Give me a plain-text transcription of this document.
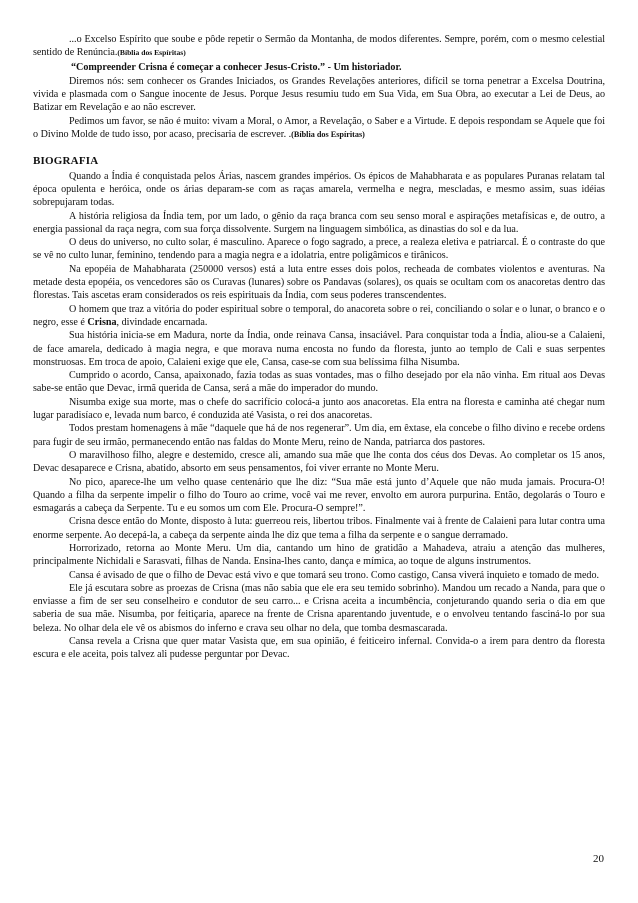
...o Excelso Espírito que soube e pôde repetir o Sermão da Montanha, de modos diferentes. Sempre, porém, com o mesmo celestial sentido de Renúncia.(Bíblia dos Espíritas)

“Compreender Crisna é começar a conhecer Jesus-Cristo.” - Um historiador.

Diremos nós: sem conhecer os Grandes Iniciados, os Grandes Revelações anteriores, difícil se torna penetrar a Excelsa Doutrina, vivida e plasmada com o Sangue inocente de Jesus. Porque Jesus resumiu tudo em Sua Vida, em Sua Obra, ao executar a Lei de Deus, ao Batizar em Revelação e ao não escrever.

Pedimos um favor, se não é muito: vivam a Moral, o Amor, a Revelação, o Saber e a Virtude. E depois respondam se Aquele que foi o Divino Molde de tudo isso, por acaso, precisaria de escrever. .(Bíblia dos Espíritas)

BIOGRAFIA

Quando a Índia é conquistada pelos Árias, nascem grandes impérios. Os épicos de Mahabharata e as populares Puranas relatam tal época opulenta e heróica, onde os árias deparam-se com as raças amarela, vermelha e negra, mescladas, e mesmo assim, suas idéias sobrepujaram todas.

A história religiosa da Índia tem, por um lado, o gênio da raça branca com seu senso moral e aspirações metafísicas e, de outro, a energia passional da raça negra, com sua força dissolvente. Surgem na linguagem simbólica, as dinastias do sol e da lua.

O deus do universo, no culto solar, é masculino. Aparece o fogo sagrado, a prece, a realeza eletiva e patriarcal. É o contraste do que se vê no culto lunar, feminino, tendendo para a magia negra e a idolatria, entre poligâmicos e tirânicos.

Na epopéia de Mahabharata (250000 versos) está a luta entre esses dois polos, recheada de combates violentos e aventuras. Na metade desta epopéia, os vencedores são os Curavas (lunares) sobre os Pandavas (solares), os quais se ocultam com os anacoretas dentro das florestas. Tais ascetas eram considerados os reis espirituais da Índia, com seus poderes transcendentes.

O homem que traz a vitória do poder espiritual sobre o temporal, do anacoreta sobre o rei, conciliando o solar e o lunar, o branco e o negro, esse é Crisna, divindade encarnada.

Sua história inicia-se em Madura, norte da Índia, onde reinava Cansa, insaciável. Para conquistar toda a Índia, aliou-se a Calaieni, de face amarela, dedicado à magia negra, e que morava numa encosta no fundo da floresta, junto ao templo de Cali e suas serpentes monstruosas. Em troca de apoio, Calaieni exige que ele, Cansa, case-se com sua belíssima filha Nisumba.

Cumprido o acordo, Cansa, apaixonado, fazia todas as suas vontades, mas o filho desejado por ela não vinha. Em ritual aos Devas sabe-se então que Devac, irmã querida de Cansa, será a mãe do imperador do mundo.

Nisumba exige sua morte, mas o chefe do sacrifício colocá-a junto aos anacoretas. Ela entra na floresta e caminha até chegar num lugar paradisíaco e, levada num barco, é conduzida até Vasista, o rei dos anacoretas.

Todos prestam homenagens à mãe “daquele que há de nos regenerar”. Um dia, em êxtase, ela concebe o filho divino e recebe ordens para fugir de seu irmão, permanecendo então nas faldas do Monte Meru, reino de Nanda, patriarca dos pastores.

O maravilhoso filho, alegre e destemido, cresce ali, amando sua mãe que lhe conta dos céus dos Devas. Ao completar os 15 anos, Devac desaparece e Crisna, abatido, absorto em seus pensamentos, foi viver errante no Monte Meru.

No pico, aparece-lhe um velho quase centenário que lhe diz: “Sua mãe está junto d’Aquele que não muda jamais. Procura-O! Quando a filha da serpente impelir o filho do Touro ao crime, você vai me rever, envolto em aurora purpurina. Então, degolarás o Touro e esmagarás a cabeça da Serpente. Tu e eu somos um com Ele. Procura-O sempre!”.

Crisna desce então do Monte, disposto à luta: guerreou reis, libertou tribos. Finalmente vai à frente de Calaieni para lutar contra uma enorme serpente. Ao decepá-la, a cabeça da serpente ainda lhe diz que tema a filha da serpente e o sangue derramado.

Horrorizado, retorna ao Monte Meru. Um dia, cantando um hino de gratidão a Mahadeva, atraiu a atenção das mulheres, principalmente Nichidali e Sarasvati, filhas de Nanda. Ensina-lhes canto, dança e mímica, ao toque de alguns instrumentos.

Cansa é avisado de que o filho de Devac está vivo e que tomará seu trono. Como castigo, Cansa viverá inquieto e tomado de medo.

Ele já escutara sobre as proezas de Crisna (mas não sabia que ele era seu temido sobrinho). Mandou um recado a Nanda, para que o enviasse a fim de ser seu conselheiro e condutor de seu carro... e Crisna aceita a incumbência, conjeturando quando seria o dia em que saberia de sua mãe. Nisumba, por feitiçaria, aparece na frente de Crisna aparentando juventude, e o envolveu tentando fasciná-lo por sua beleza. No olhar dela ele vê os abismos do inferno e crava seu olhar no dela, que tomba desmascarada.

Cansa revela a Crisna que quer matar Vasista que, em sua opinião, é feiticeiro infernal. Convida-o a irem para dentro da floresta escura e ele aceita, pois talvez ali pudesse perguntar por Devac.

20
